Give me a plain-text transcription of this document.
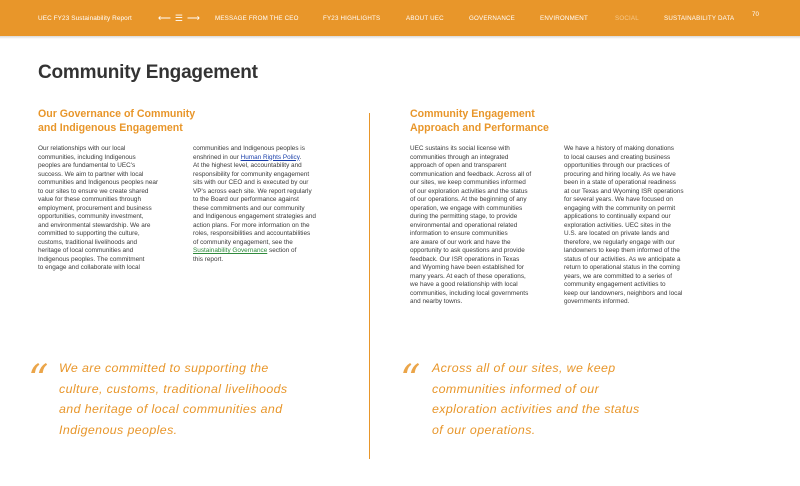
UEC FY23 Sustainability Report	⟵ ☰ ⟶ MESSAGE FROM THE CEO	FY23 HIGHLIGHTS	ABOUT UEC	GOVERNANCE	ENVIRONMENT	SOCIAL	SUSTAINABILITY DATA
70
Community Engagement
Our Governance of Community
and Indigenous Engagement
Our relationships with our local
communities, including Indigenous
peoples are fundamental to UEC's
success. We aim to partner with local
communities and Indigenous peoples near
to our sites to ensure we create shared
value for these communities through
employment, procurement and business
opportunities, community investment,
and environmental stewardship. We are
committed to supporting the culture,
customs, traditional livelihoods and
heritage of local communities and
Indigenous peoples. The commitment
to engage and collaborate with local
communities and Indigenous peoples is
enshrined in our Human Rights Policy.
At the highest level, accountability and
responsibility for community engagement
sits with our CEO and is executed by our
VP's across each site. We report regularly
to the Board our performance against
these commitments and our community
and Indigenous engagement strategies and
action plans. For more information on the
roles, responsibilities and accountabilities
of community engagement, see the
Sustainability Governance section of
this report.
“ We are committed to supporting the
culture, customs, traditional livelihoods
and heritage of local communities and
Indigenous peoples.
Community Engagement
Approach and Performance
UEC sustains its social license with
communities through an integrated
approach of open and transparent
communication and feedback. Across all of
our sites, we keep communities informed
of our exploration activities and the status
of our operations. At the beginning of any
operation, we engage with communities
during the permitting stage, to provide
environmental and operational related
information to ensure communities
are aware of our work and have the
opportunity to ask questions and provide
feedback. Our ISR operations in Texas
and Wyoming have been established for
many years. At each of these operations,
we have a good relationship with local
communities, including local governments
and nearby towns.
We have a history of making donations
to local causes and creating business
opportunities through our practices of
procuring and hiring locally. As we have
been in a state of operational readiness
at our Texas and Wyoming ISR operations
for several years. We have focused on
engaging with the community on permit
applications to continually expand our
exploration activities. UEC sites in the
U.S. are located on private lands and
therefore, we regularly engage with our
landowners to keep them informed of the
status of our activities. As we anticipate a
return to operational status in the coming
years, we are committed to a series of
community engagement activities to
keep our landowners, neighbors and local
governments informed.
“ Across all of our sites, we keep
communities informed of our
exploration activities and the status
of our operations.
